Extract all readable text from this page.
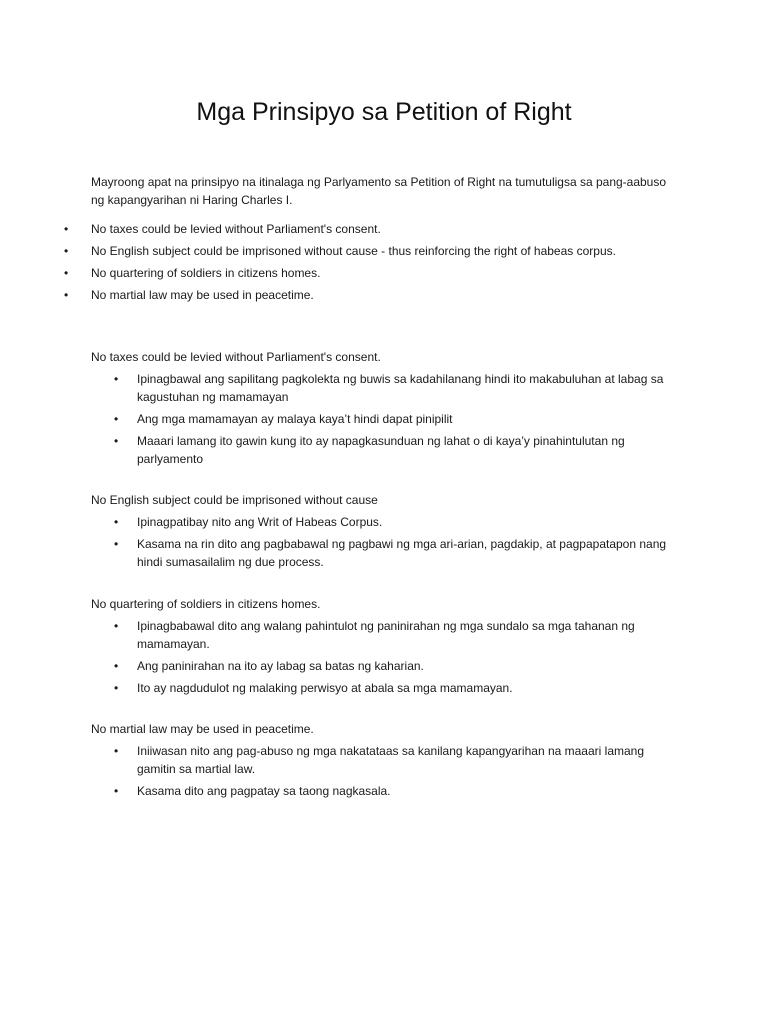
Mga Prinsipyo sa Petition of Right

Mayroong apat na prinsipyo na itinalaga ng Parlyamento sa Petition of Right na tumutuligsa sa pang-aabuso ng kapangyarihan ni Haring Charles I.

• No taxes could be levied without Parliament's consent.
• No English subject could be imprisoned without cause - thus reinforcing the right of habeas corpus.
• No quartering of soldiers in citizens homes.
• No martial law may be used in peacetime.
No taxes could be levied without Parliament's consent.
• Ipinagbawal ang sapilitang pagkolekta ng buwis sa kadahilanang hindi ito makabuluhan at labag sa kagustuhan ng mamamayan
• Ang mga mamamayan ay malaya kaya’t hindi dapat pinipilit
• Maaari lamang ito gawin kung ito ay napagkasunduan ng lahat o di kaya’y pinahintulutan ng parlyamento
No English subject could be imprisoned without cause
• Ipinagpatibay nito ang Writ of Habeas Corpus.
• Kasama na rin dito ang pagbabawal ng pagbawi ng mga ari-arian, pagdakip, at pagpapatapon nang hindi sumasailalim ng due process.
No quartering of soldiers in citizens homes.
• Ipinagbabawal dito ang walang pahintulot ng paninirahan ng mga sundalo sa mga tahanan ng mamamayan.
• Ang paninirahan na ito ay labag sa batas ng kaharian.
• Ito ay nagdudulot ng malaking perwisyo at abala sa mga mamamayan.
No martial law may be used in peacetime.
• Iniiwasan nito ang pag-abuso ng mga nakatataas sa kanilang kapangyarihan na maaari lamang gamitin sa martial law.
• Kasama dito ang pagpatay sa taong nagkasala.
